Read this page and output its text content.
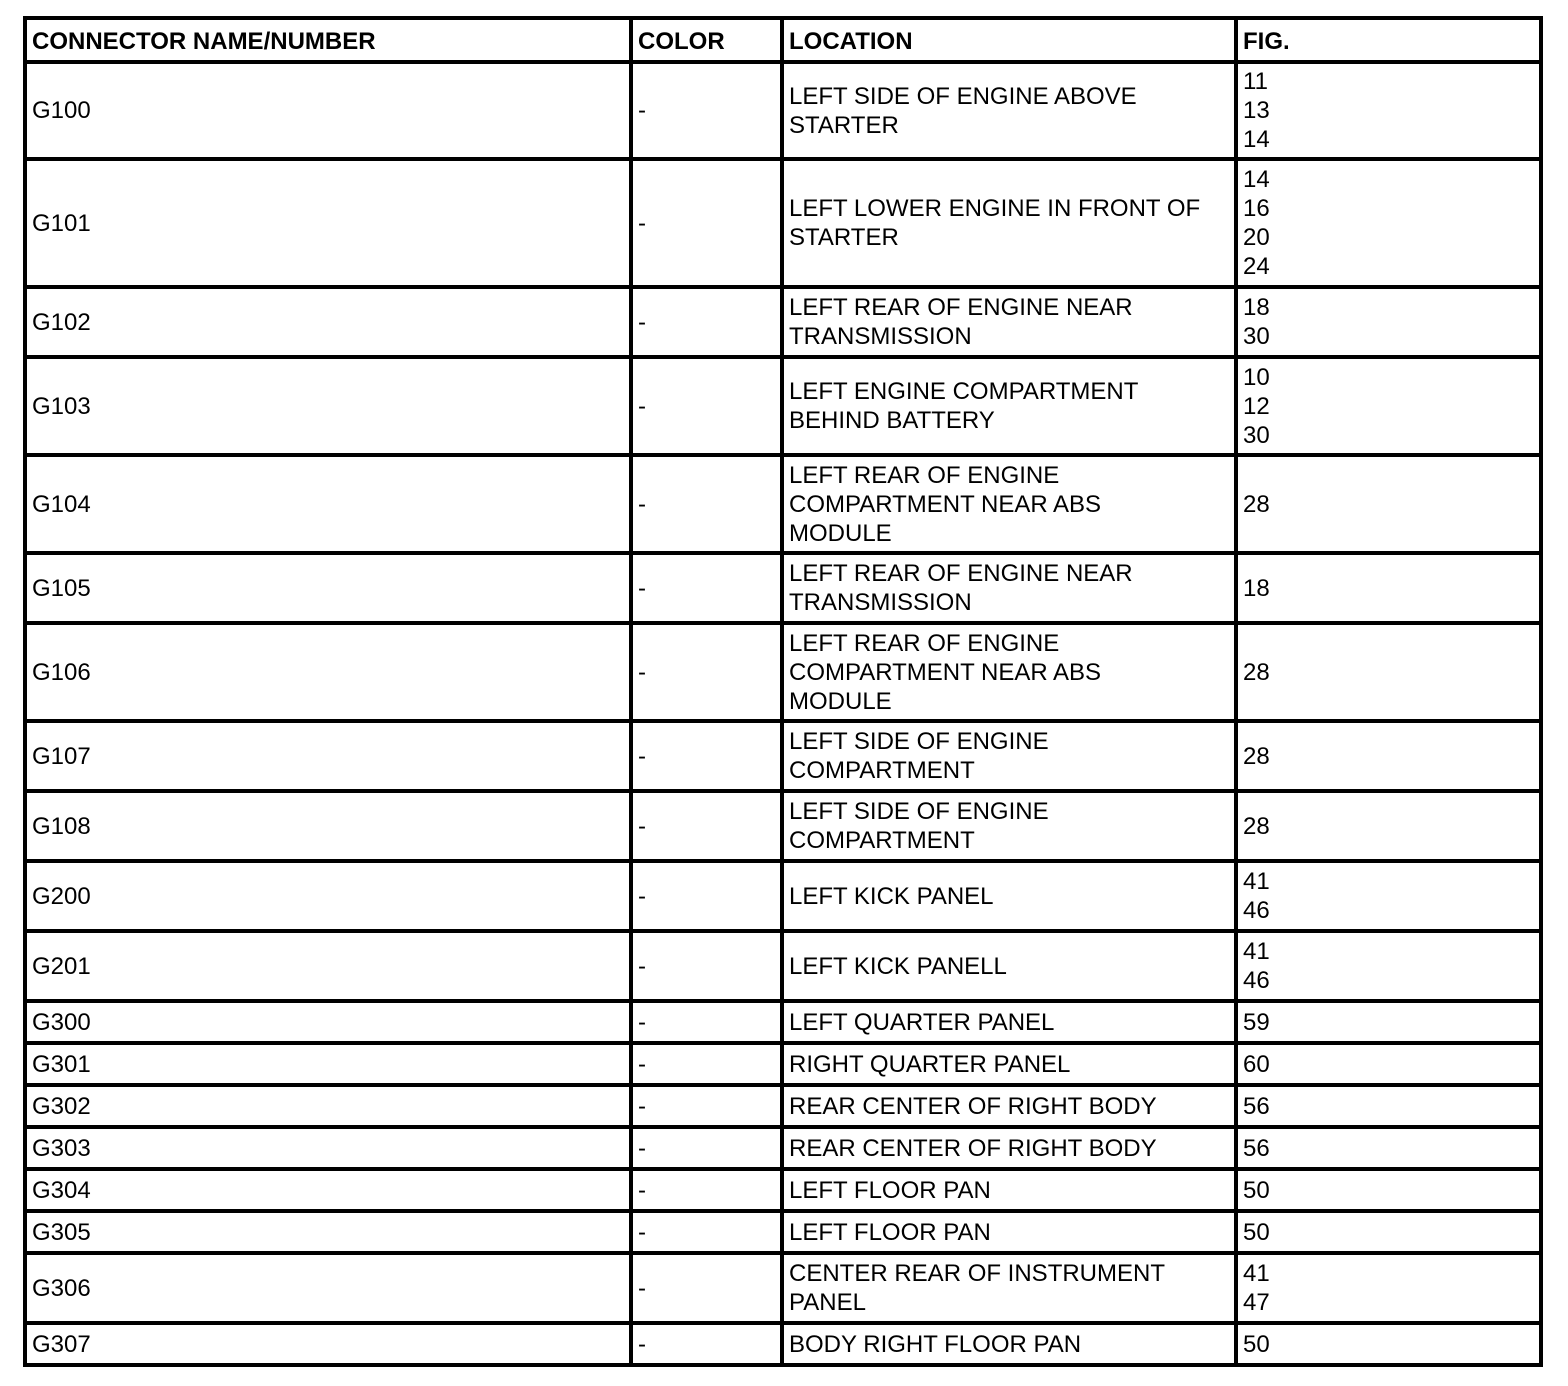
CONNECTOR NAME/NUMBER	COLOR	LOCATION	FIG.
G100	-	LEFT SIDE OF ENGINE ABOVE
STARTER	11
13
14

G101	-	LEFT LOWER ENGINE IN FRONT OF
STARTER	14
16
20
24

G102	-	LEFT REAR OF ENGINE NEAR
TRANSMISSION	18
30

G103	-	LEFT ENGINE COMPARTMENT
BEHIND BATTERY	10
12
30

G104	-	LEFT REAR OF ENGINE
COMPARTMENT NEAR ABS
MODULE	28

G105	-	LEFT REAR OF ENGINE NEAR
TRANSMISSION	18

G106	-	LEFT REAR OF ENGINE
COMPARTMENT NEAR ABS
MODULE	28

G107	-	LEFT SIDE OF ENGINE
COMPARTMENT	28

G108	-	LEFT SIDE OF ENGINE
COMPARTMENT	28

G200	-	LEFT KICK PANEL	41
46

G201	-	LEFT KICK PANELL	41
46

G300	-	LEFT QUARTER PANEL	59

G301	-	RIGHT QUARTER PANEL	60

G302	-	REAR CENTER OF RIGHT BODY	56

G303	-	REAR CENTER OF RIGHT BODY	56

G304	-	LEFT FLOOR PAN	50

G305	-	LEFT FLOOR PAN	50

G306	-	CENTER REAR OF INSTRUMENT
PANEL	41
47

G307	-	BODY RIGHT FLOOR PAN	50
